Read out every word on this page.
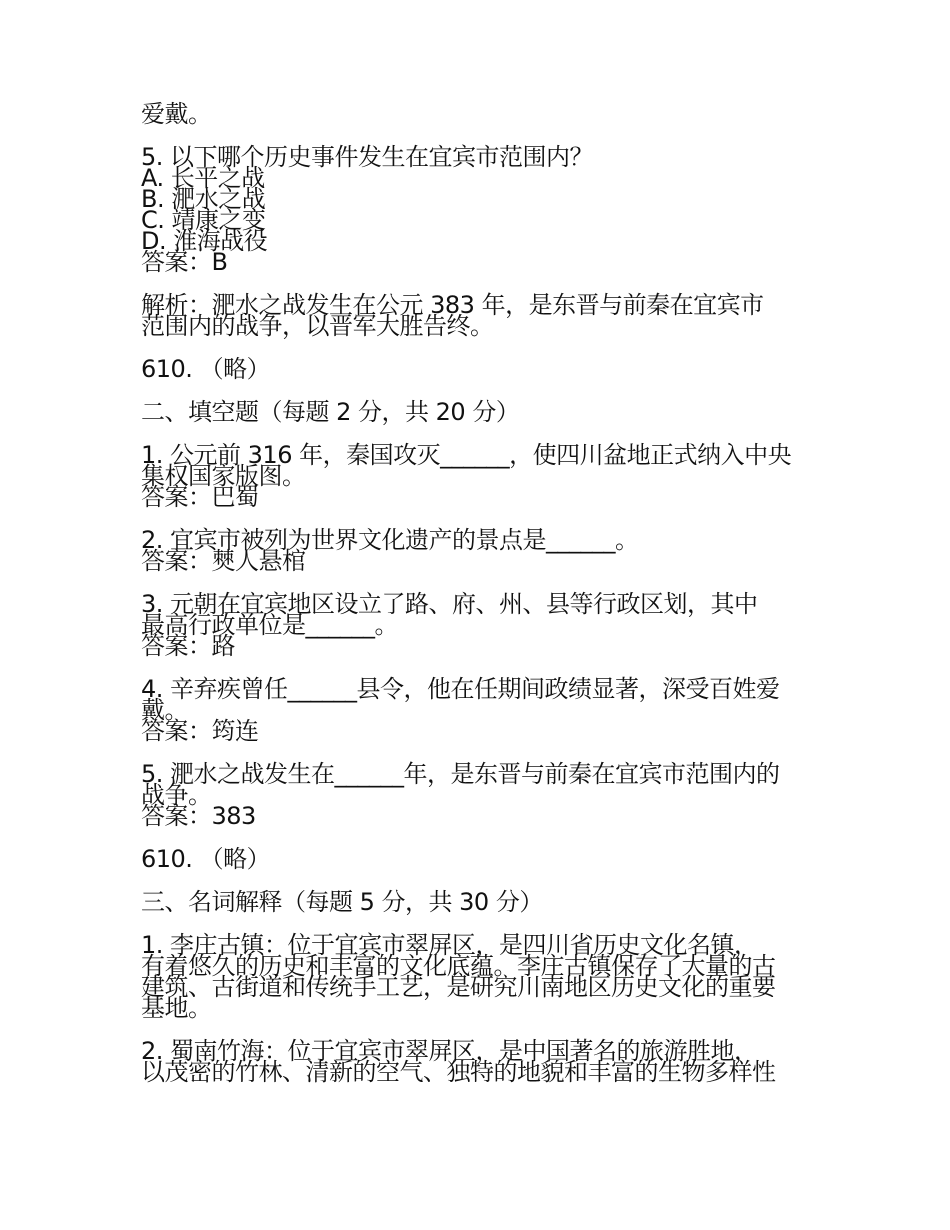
爱戴。
5. 以下哪个历史事件发生在宜宾市范围内？
A. 长平之战
B. 淝水之战
C. 靖康之变
D. 淮海战役
答案：B
解析：淝水之战发生在公元 383 年，是东晋与前秦在宜宾市
范围内的战争，以晋军大胜告终。
610. （略）
二、填空题（每题 2 分，共 20 分）
1. 公元前 316 年，秦国攻灭______，使四川盆地正式纳入中央
集权国家版图。
答案：巴蜀
2. 宜宾市被列为世界文化遗产的景点是______。
答案：僰人悬棺
3. 元朝在宜宾地区设立了路、府、州、县等行政区划，其中
最高行政单位是______。
答案：路
4. 辛弃疾曾任______县令，他在任期间政绩显著，深受百姓爱
戴。
答案：筠连
5. 淝水之战发生在______年，是东晋与前秦在宜宾市范围内的
战争。
答案：383
610. （略）
三、名词解释（每题 5 分，共 30 分）
1. 李庄古镇：位于宜宾市翠屏区，是四川省历史文化名镇，
有着悠久的历史和丰富的文化底蕴。李庄古镇保存了大量的古
建筑、古街道和传统手工艺，是研究川南地区历史文化的重要
基地。
2. 蜀南竹海：位于宜宾市翠屏区，是中国著名的旅游胜地，
以茂密的竹林、清新的空气、独特的地貌和丰富的生物多样性
